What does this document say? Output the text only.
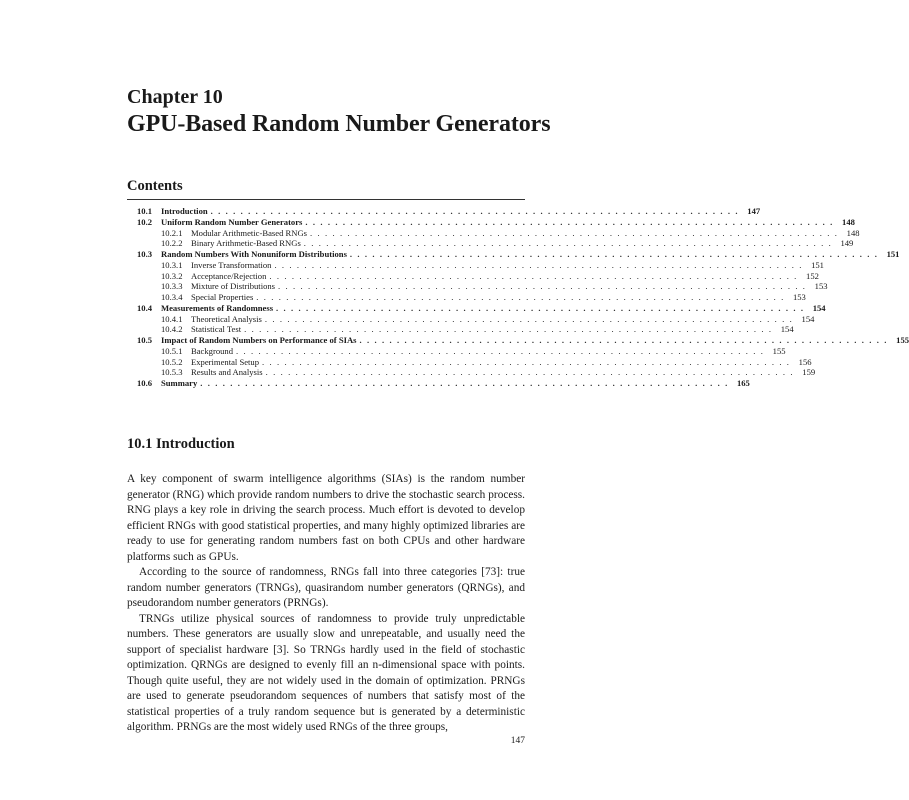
Chapter 10
GPU-Based Random Number Generators
Contents
10.1	Introduction . . . . . . . . . . . . . . . . . . . . . . . . . . . . . . . . . . . . . . . . . . . . . . . . . . . . . . . . . . . . . . . . . . . . . . . 147
10.2	Uniform Random Number Generators . . . . . . . . . . . . . . . . . . . . . . . . . . . . . . . . . . . . . . . . . . . . . . . . . . . . . . . . . . . . . . . . . . . . . . . 148
10.2.1 Modular Arithmetic-Based RNGs . . . . . . . . . . . . . . . . . . . . . . . . . . . . . . . . . . . . . . . . . . . . . . . . . . . . . . . . . . . . . . . . . . . . . . . 148
10.2.2 Binary Arithmetic-Based RNGs . . . . . . . . . . . . . . . . . . . . . . . . . . . . . . . . . . . . . . . . . . . . . . . . . . . . . . . . . . . . . . . . . . . . . . . 149
10.3	Random Numbers With Nonuniform Distributions . . . . . . . . . . . . . . . . . . . . . . . . . . . . . . . . . . . . . . . . . . . . . . . . . . . . . . . . . . . . . . . . . . . . . . . 151
10.3.1 Inverse Transformation . . . . . . . . . . . . . . . . . . . . . . . . . . . . . . . . . . . . . . . . . . . . . . . . . . . . . . . . . . . . . . . . . . . . . . . 151
10.3.2 Acceptance/Rejection . . . . . . . . . . . . . . . . . . . . . . . . . . . . . . . . . . . . . . . . . . . . . . . . . . . . . . . . . . . . . . . . . . . . . . . 152
10.3.3 Mixture of Distributions . . . . . . . . . . . . . . . . . . . . . . . . . . . . . . . . . . . . . . . . . . . . . . . . . . . . . . . . . . . . . . . . . . . . . . . 153
10.3.4 Special Properties . . . . . . . . . . . . . . . . . . . . . . . . . . . . . . . . . . . . . . . . . . . . . . . . . . . . . . . . . . . . . . . . . . . . . . . 153
10.4	Measurements of Randomness . . . . . . . . . . . . . . . . . . . . . . . . . . . . . . . . . . . . . . . . . . . . . . . . . . . . . . . . . . . . . . . . . . . . . . . 154
10.4.1 Theoretical Analysis . . . . . . . . . . . . . . . . . . . . . . . . . . . . . . . . . . . . . . . . . . . . . . . . . . . . . . . . . . . . . . . . . . . . . . . 154
10.4.2 Statistical Test . . . . . . . . . . . . . . . . . . . . . . . . . . . . . . . . . . . . . . . . . . . . . . . . . . . . . . . . . . . . . . . . . . . . . . . 154
10.5	Impact of Random Numbers on Performance of SIAs . . . . . . . . . . . . . . . . . . . . . . . . . . . . . . . . . . . . . . . . . . . . . . . . . . . . . . . . . . . . . . . . . . . . . . . 155
10.5.1 Background . . . . . . . . . . . . . . . . . . . . . . . . . . . . . . . . . . . . . . . . . . . . . . . . . . . . . . . . . . . . . . . . . . . . . . . 155
10.5.2 Experimental Setup . . . . . . . . . . . . . . . . . . . . . . . . . . . . . . . . . . . . . . . . . . . . . . . . . . . . . . . . . . . . . . . . . . . . . . . 156
10.5.3 Results and Analysis . . . . . . . . . . . . . . . . . . . . . . . . . . . . . . . . . . . . . . . . . . . . . . . . . . . . . . . . . . . . . . . . . . . . . . . 159
10.6	Summary . . . . . . . . . . . . . . . . . . . . . . . . . . . . . . . . . . . . . . . . . . . . . . . . . . . . . . . . . . . . . . . . . . . . . . . 165
10.1 Introduction

A key component of swarm intelligence algorithms (SIAs) is the random number generator (RNG) which provide random numbers to drive the stochastic search process. RNG plays a key role in driving the search process. Much effort is devoted to develop efficient RNGs with good statistical properties, and many highly optimized libraries are ready to use for generating random numbers fast on both CPUs and other hardware platforms such as GPUs.

According to the source of randomness, RNGs fall into three categories [73]: true random number generators (TRNGs), quasirandom number generators (QRNGs), and pseudorandom number generators (PRNGs).

TRNGs utilize physical sources of randomness to provide truly unpredictable numbers. These generators are usually slow and unrepeatable, and usually need the support of specialist hardware [3]. So TRNGs hardly used in the field of stochastic optimization. QRNGs are designed to evenly fill an n-dimensional space with points. Though quite useful, they are not widely used in the domain of optimization. PRNGs are used to generate pseudorandom sequences of numbers that satisfy most of the statistical properties of a truly random sequence but is generated by a deterministic algorithm. PRNGs are the most widely used RNGs of the three groups,

147
